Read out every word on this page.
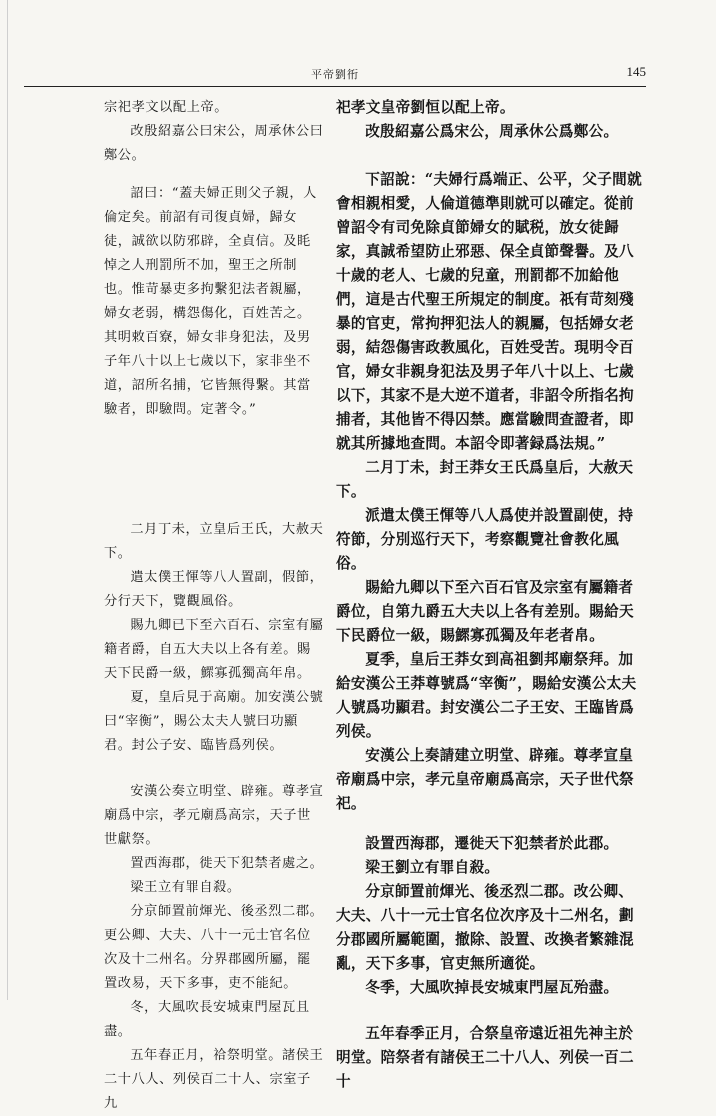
平帝劉衎	145

宗祀孝文以配上帝。

改殷紹嘉公曰宋公，周承休公曰鄭公。

詔曰：“蓋夫婦正則父子親，人倫定矣。前詔有司復貞婦，歸女徒，誠欲以防邪辟，全貞信。及眊悼之人刑罰所不加，聖王之所制也。惟苛暴吏多拘繫犯法者親屬，婦女老弱，構怨傷化，百姓苦之。其明敕百寮，婦女非身犯法，及男子年八十以上七歲以下，家非坐不道，詔所名捕，它皆無得繫。其當驗者，即驗問。定著令。”

二月丁未，立皇后王氏，大赦天下。

遣太僕王惲等八人置副，假節，分行天下，覽觀風俗。

賜九卿已下至六百石、宗室有屬籍者爵，自五大夫以上各有差。賜天下民爵一級，鰥寡孤獨高年帛。

夏，皇后見于高廟。加安漢公號曰“宰衡”，賜公太夫人號曰功顯君。封公子安、臨皆爲列侯。

安漢公奏立明堂、辟雍。尊孝宣廟爲中宗，孝元廟爲高宗，天子世世獻祭。

置西海郡，徙天下犯禁者處之。

梁王立有罪自殺。

分京師置前煇光、後丞烈二郡。更公卿、大夫、八十一元士官名位次及十二州名。分界郡國所屬，罷置改易，天下多事，吏不能紀。

冬，大風吹長安城東門屋瓦且盡。

五年春正月，祫祭明堂。諸侯王二十八人、列侯百二十人、宗室子九

祀孝文皇帝劉恒以配上帝。

改殷紹嘉公爲宋公，周承休公爲鄭公。

下詔說：“夫婦行爲端正、公平，父子間就會相親相愛，人倫道德準則就可以確定。從前曾詔令有司免除貞節婦女的賦税，放女徒歸家，真誠希望防止邪惡、保全貞節聲譽。及八十歲的老人、七歲的兒童，刑罰都不加給他們，這是古代聖王所規定的制度。祇有苛刻殘暴的官吏，常拘押犯法人的親屬，包括婦女老弱，結怨傷害政教風化，百姓受苦。現明令百官，婦女非親身犯法及男子年八十以上、七歲以下，其家不是大逆不道者，非詔令所指名拘捕者，其他皆不得囚禁。應當驗問查證者，即就其所據地查問。本詔令即著録爲法規。”

二月丁未，封王莽女王氏爲皇后，大赦天下。

派遣太僕王惲等八人爲使并設置副使，持符節，分別巡行天下，考察觀覽社會教化風俗。

賜給九卿以下至六百石官及宗室有屬籍者爵位，自第九爵五大夫以上各有差别。賜給天下民爵位一級，賜鰥寡孤獨及年老者帛。

夏季，皇后王莽女到高祖劉邦廟祭拜。加給安漢公王莽尊號爲“宰衡”，賜給安漢公太夫人號爲功顯君。封安漢公二子王安、王臨皆爲列侯。

安漢公上奏請建立明堂、辟雍。尊孝宣皇帝廟爲中宗，孝元皇帝廟爲高宗，天子世代祭祀。

設置西海郡，遷徙天下犯禁者於此郡。

梁王劉立有罪自殺。

分京師置前煇光、後丞烈二郡。改公卿、大夫、八十一元士官名位次序及十二州名，劃分郡國所屬範圍，撤除、設置、改換者繁雜混亂，天下多事，官吏無所適從。

冬季，大風吹掉長安城東門屋瓦殆盡。

五年春季正月，合祭皇帝遠近祖先神主於明堂。陪祭者有諸侯王二十八人、列侯一百二十
